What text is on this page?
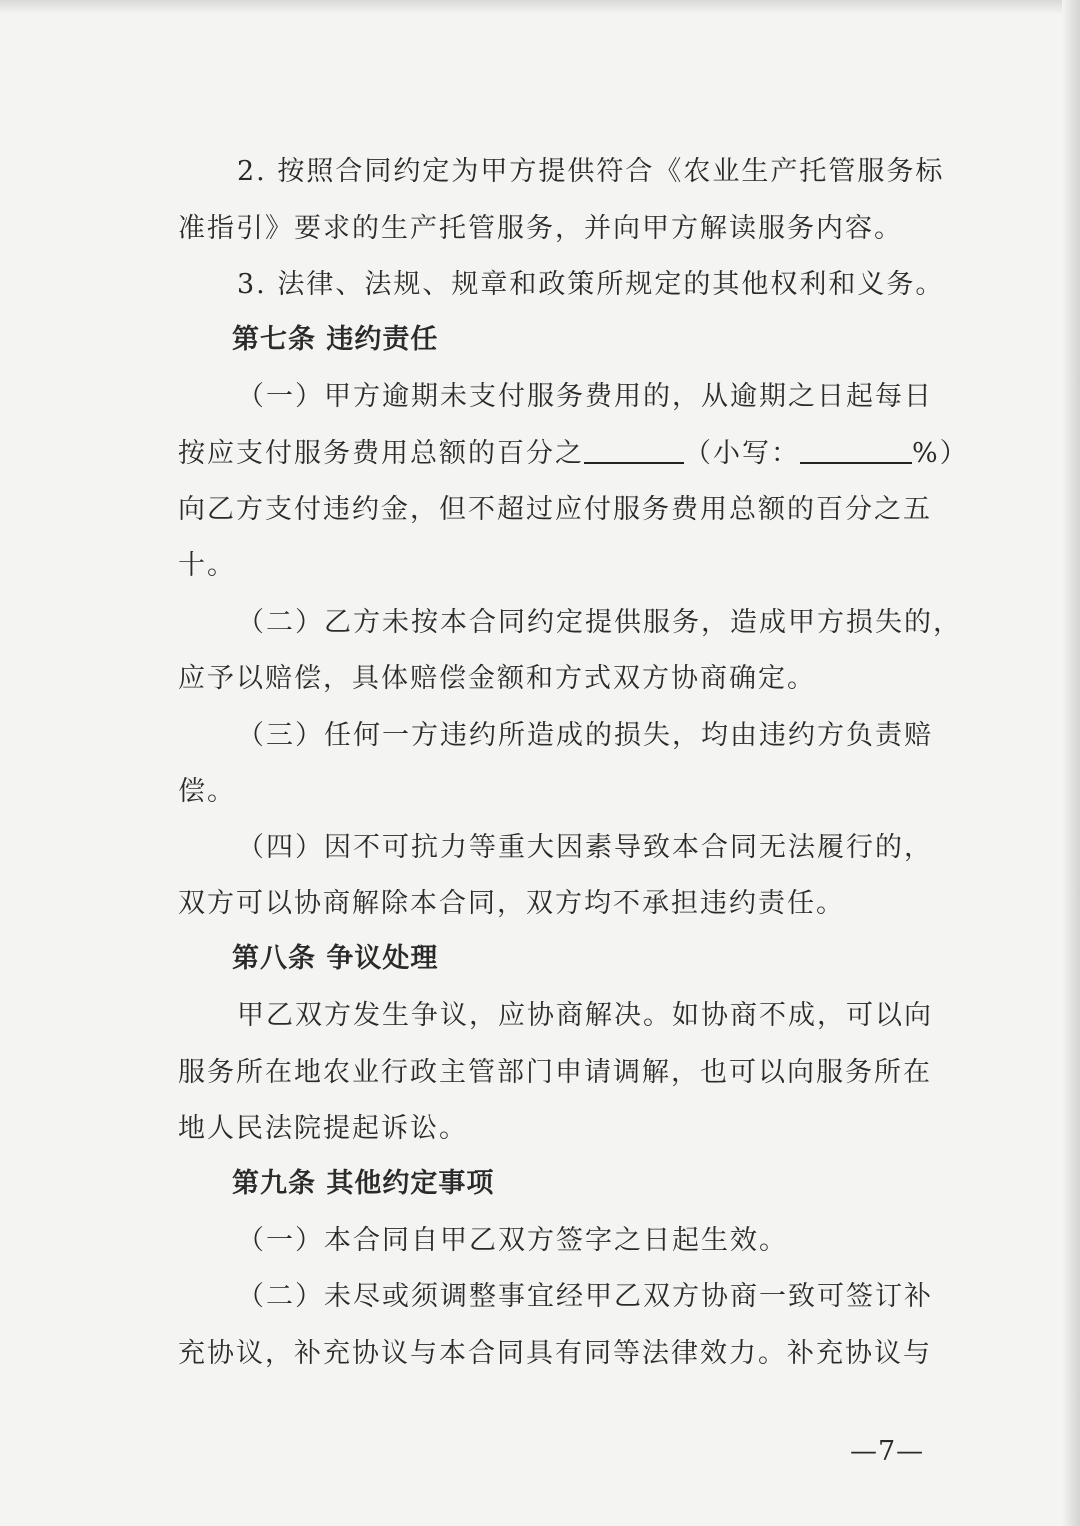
2. 按照合同约定为甲方提供符合《农业生产托管服务标
准指引》要求的生产托管服务，并向甲方解读服务内容。
3. 法律、法规、规章和政策所规定的其他权利和义务。
第七条 违约责任
（一）甲方逾期未支付服务费用的，从逾期之日起每日
按应支付服务费用总额的百分之	（小写：	%）
向乙方支付违约金，但不超过应付服务费用总额的百分之五
十。
（二）乙方未按本合同约定提供服务，造成甲方损失的，
应予以赔偿，具体赔偿金额和方式双方协商确定。
（三）任何一方违约所造成的损失，均由违约方负责赔
偿。
（四）因不可抗力等重大因素导致本合同无法履行的，
双方可以协商解除本合同，双方均不承担违约责任。
第八条 争议处理
甲乙双方发生争议，应协商解决。如协商不成，可以向
服务所在地农业行政主管部门申请调解，也可以向服务所在
地人民法院提起诉讼。
第九条 其他约定事项
（一）本合同自甲乙双方签字之日起生效。
（二）未尽或须调整事宜经甲乙双方协商一致可签订补
充协议，补充协议与本合同具有同等法律效力。补充协议与
—7—
